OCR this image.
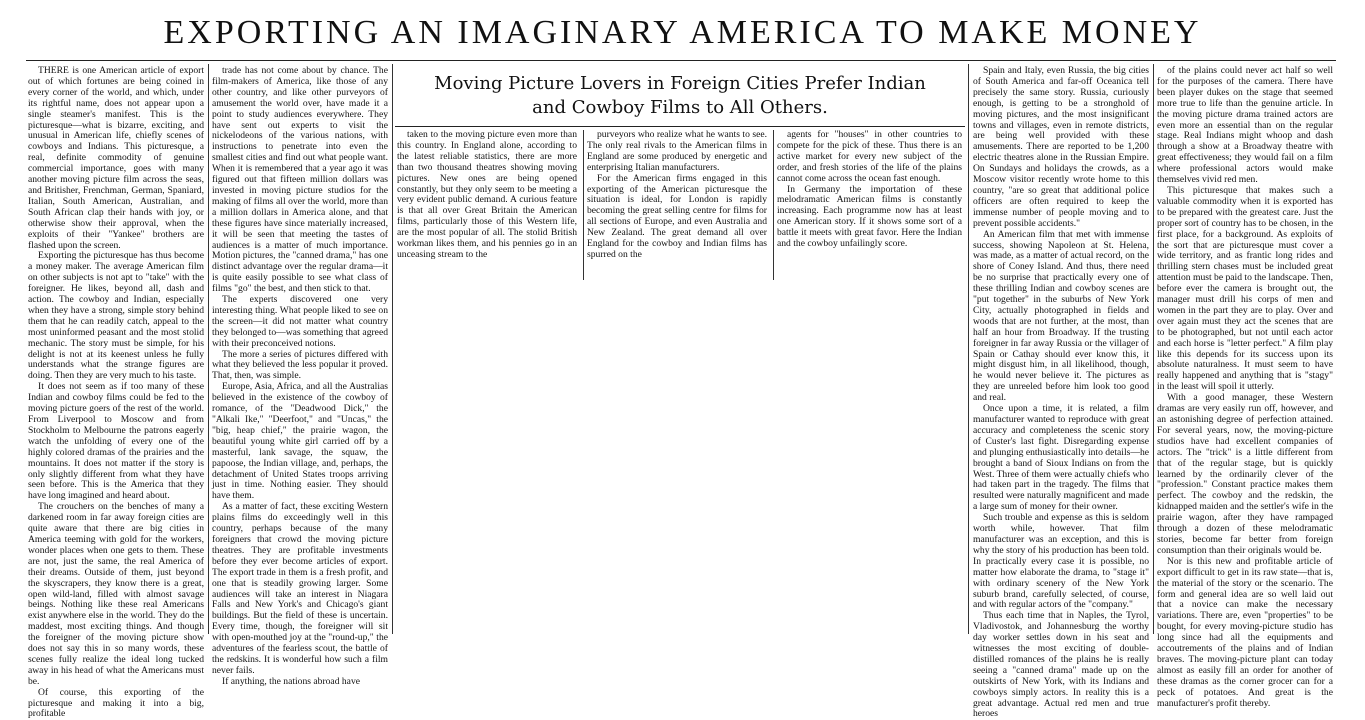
EXPORTING AN IMAGINARY AMERICA TO MAKE MONEY
Moving Picture Lovers in Foreign Cities Prefer Indian
and Cowboy Films to All Others.

THERE is one American article of export out of which fortunes are being coined in every corner of the world, and which, under its rightful name, does not appear upon a single steamer's manifest. This is the picturesque—what is bizarre, exciting, and unusual in American life, chiefly scenes of cowboys and Indians. This picturesque, a real, definite commodity of genuine commercial importance, goes with many another moving picture film across the seas, and Britisher, Frenchman, German, Spaniard, Italian, South American, Australian, and South African clap their hands with joy, or otherwise show their approval, when the exploits of their "Yankee" brothers are flashed upon the screen.

Exporting the picturesque has thus become a money maker. The average American film on other subjects is not apt to "take" with the foreigner. He likes, beyond all, dash and action. The cowboy and Indian, especially when they have a strong, simple story behind them that he can readily catch, appeal to the most uninformed peasant and the most stolid mechanic. The story must be simple, for his delight is not at its keenest unless he fully understands what the strange figures are doing. Then they are very much to his taste.

It does not seem as if too many of these Indian and cowboy films could be fed to the moving picture goers of the rest of the world. From Liverpool to Moscow and from Stockholm to Melbourne the patrons eagerly watch the unfolding of every one of the highly colored dramas of the prairies and the mountains. It does not matter if the story is only slightly different from what they have seen before. This is the America that they have long imagined and heard about.

The crouchers on the benches of many a darkened room in far away foreign cities are quite aware that there are big cities in America teeming with gold for the workers, wonder places when one gets to them. These are not, just the same, the real America of their dreams. Outside of them, just beyond the skyscrapers, they know there is a great, open wild-land, filled with almost savage beings. Nothing like these real Americans exist anywhere else in the world. They do the maddest, most exciting things. And though the foreigner of the moving picture show does not say this in so many words, these scenes fully realize the ideal long tucked away in his head of what the Americans must be.

Of course, this exporting of the picturesque and making it into a big, profitable

trade has not come about by chance. The film-makers of America, like those of any other country, and like other purveyors of amusement the world over, have made it a point to study audiences everywhere. They have sent out experts to visit the nickelodeons of the various nations, with instructions to penetrate into even the smallest cities and find out what people want. When it is remembered that a year ago it was figured out that fifteen million dollars was invested in moving picture studios for the making of films all over the world, more than a million dollars in America alone, and that these figures have since materially increased, it will be seen that meeting the tastes of audiences is a matter of much importance. Motion pictures, the "canned drama," has one distinct advantage over the regular drama—it is quite easily possible to see what class of films "go" the best, and then stick to that.

The experts discovered one very interesting thing. What people liked to see on the screen—it did not matter what country they belonged to—was something that agreed with their preconceived notions.

The more a series of pictures differed with what they believed the less popular it proved. That, then, was simple.

Europe, Asia, Africa, and all the Australias believed in the existence of the cowboy of romance, of the "Deadwood Dick," the "Alkali Ike," "Deerfoot," and "Uncas," the "big, heap chief," the prairie wagon, the beautiful young white girl carried off by a masterful, lank savage, the squaw, the papoose, the Indian village, and, perhaps, the detachment of United States troops arriving just in time. Nothing easier. They should have them.

As a matter of fact, these exciting Western plains films do exceedingly well in this country, perhaps because of the many foreigners that crowd the moving picture theatres. They are profitable investments before they ever become articles of export. The export trade in them is a fresh profit, and one that is steadily growing larger. Some audiences will take an interest in Niagara Falls and New York's and Chicago's giant buildings. But the field of these is uncertain. Every time, though, the foreigner will sit with open-mouthed joy at the "round-up," the adventures of the fearless scout, the battle of the redskins. It is wonderful how such a film never fails.

If anything, the nations abroad have

taken to the moving picture even more than this country. In England alone, according to the latest reliable statistics, there are more than two thousand theatres showing moving pictures. New ones are being opened constantly, but they only seem to be meeting a very evident public demand. A curious feature is that all over Great Britain the American films, particularly those of this Western life, are the most popular of all. The stolid British workman likes them, and his pennies go in an unceasing stream to the

purveyors who realize what he wants to see. The only real rivals to the American films in England are some produced by energetic and enterprising Italian manufacturers.

For the American firms engaged in this exporting of the American picturesque the situation is ideal, for London is rapidly becoming the great selling centre for films for all sections of Europe, and even Australia and New Zealand. The great demand all over England for the cowboy and Indian films has spurred on the

agents for "houses" in other countries to compete for the pick of these. Thus there is an active market for every new subject of the order, and fresh stories of the life of the plains cannot come across the ocean fast enough.

In Germany the importation of these melodramatic American films is constantly increasing. Each programme now has at least one American story. If it shows some sort of a battle it meets with great favor. Here the Indian and the cowboy unfailingly score.

Spain and Italy, even Russia, the big cities of South America and far-off Oceanica tell precisely the same story. Russia, curiously enough, is getting to be a stronghold of moving pictures, and the most insignificant towns and villages, even in remote districts, are being well provided with these amusements. There are reported to be 1,200 electric theatres alone in the Russian Empire. On Sundays and holidays the crowds, as a Moscow visitor recently wrote home to this country, "are so great that additional police officers are often required to keep the immense number of people moving and to prevent possible accidents."

An American film that met with immense success, showing Napoleon at St. Helena, was made, as a matter of actual record, on the shore of Coney Island. And thus, there need be no surprise that practically every one of these thrilling Indian and cowboy scenes are "put together" in the suburbs of New York City, actually photographed in fields and woods that are not further, at the most, than half an hour from Broadway. If the trusting foreigner in far away Russia or the villager of Spain or Cathay should ever know this, it might disgust him, in all likelihood, though, he would never believe it. The pictures as they are unreeled before him look too good and real.

Once upon a time, it is related, a film manufacturer wanted to reproduce with great accuracy and completeness the scenic story of Custer's last fight. Disregarding expense and plunging enthusiastically into details—he brought a band of Sioux Indians on from the West. Three of them were actually chiefs who had taken part in the tragedy. The films that resulted were naturally magnificent and made a large sum of money for their owner.

Such trouble and expense as this is seldom worth while, however. That film manufacturer was an exception, and this is why the story of his production has been told. In practically every case it is possible, no matter how elaborate the drama, to "stage it" with ordinary scenery of the New York suburb brand, carefully selected, of course, and with regular actors of the "company."

Thus each time that in Naples, the Tyrol, Vladivostok, and Johannesburg the worthy day worker settles down in his seat and witnesses the most exciting of double-distilled romances of the plains he is really seeing a "canned drama" made up on the outskirts of New York, with its Indians and cowboys simply actors. In reality this is a great advantage. Actual red men and true heroes

of the plains could never act half so well for the purposes of the camera. There have been player dukes on the stage that seemed more true to life than the genuine article. In the moving picture drama trained actors are even more an essential than on the regular stage. Real Indians might whoop and dash through a show at a Broadway theatre with great effectiveness; they would fail on a film where professional actors would make themselves vivid red men.

This picturesque that makes such a valuable commodity when it is exported has to be prepared with the greatest care. Just the proper sort of country has to be chosen, in the first place, for a background. As exploits of the sort that are picturesque must cover a wide territory, and as frantic long rides and thrilling stern chases must be included great attention must be paid to the landscape. Then, before ever the camera is brought out, the manager must drill his corps of men and women in the part they are to play. Over and over again must they act the scenes that are to be photographed, but not until each actor and each horse is "letter perfect." A film play like this depends for its success upon its absolute naturalness. It must seem to have really happened and anything that is "stagy" in the least will spoil it utterly.

With a good manager, these Western dramas are very easily run off, however, and an astonishing degree of perfection attained. For several years, now, the moving-picture studios have had excellent companies of actors. The "trick" is a little different from that of the regular stage, but is quickly learned by the ordinarily clever of the "profession." Constant practice makes them perfect. The cowboy and the redskin, the kidnapped maiden and the settler's wife in the prairie wagon, after they have rampaged through a dozen of these melodramatic stories, become far better from foreign consumption than their originals would be.

Nor is this new and profitable article of export difficult to get in its raw state—that is, the material of the story or the scenario. The form and general idea are so well laid out that a novice can make the necessary variations. There are, even "properties" to be bought, for every moving-picture studio has long since had all the equipments and accoutrements of the plains and of Indian braves. The moving-picture plant can today almost as easily fill an order for another of these dramas as the corner grocer can for a peck of potatoes. And great is the manufacturer's profit thereby.
